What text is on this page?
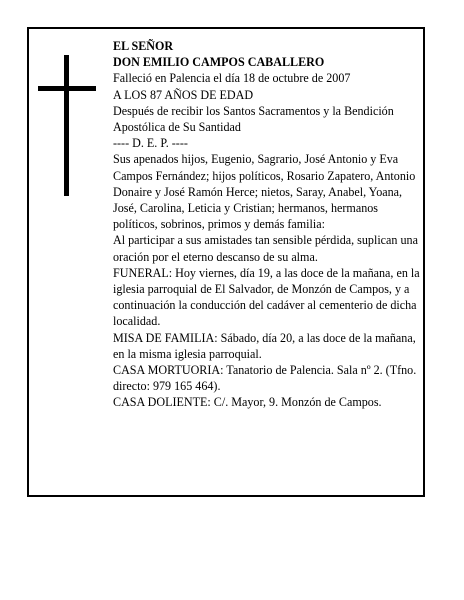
EL SEÑOR

DON EMILIO CAMPOS CABALLERO

Falleció en Palencia el día 18 de octubre de 2007

A LOS 87 AÑOS DE EDAD

Después de recibir los Santos Sacramentos y la Bendición Apostólica de Su Santidad

---- D. E. P. ----

Sus apenados hijos, Eugenio, Sagrario, José Antonio y Eva Campos Fernández; hijos políticos, Rosario Zapatero, Antonio Donaire y José Ramón Herce; nietos, Saray, Anabel, Yoana, José, Carolina, Leticia y Cristian; hermanos, hermanos políticos, sobrinos, primos y demás familia:

Al participar a sus amistades tan sensible pérdida, suplican una oración por el eterno descanso de su alma.

FUNERAL: Hoy viernes, día 19, a las doce de la mañana, en la iglesia parroquial de El Salvador, de Monzón de Campos, y a continuación la conducción del cadáver al cementerio de dicha localidad.

MISA DE FAMILIA: Sábado, día 20, a las doce de la mañana, en la misma iglesia parroquial.

CASA MORTUORIA: Tanatorio de Palencia. Sala nº 2. (Tfno. directo: 979 165 464).

CASA DOLIENTE: C/. Mayor, 9. Monzón de Campos.
